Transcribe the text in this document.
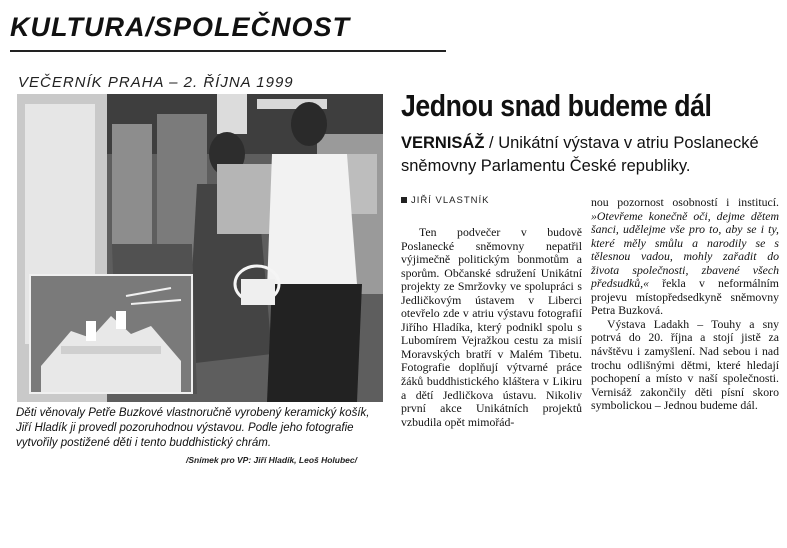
KULTURA/SPOLEČNOST
VEČERNÍK PRAHA – 2. ŘÍJNA 1999
Děti věnovaly Petře Buzkové vlastnoručně vyrobený keramický košík, Jiří Hladík ji provedl pozoruhodnou výstavou. Podle jeho fotografie vytvořily postižené děti i tento buddhistický chrám.
/Snímek pro VP: Jiří Hladík, Leoš Holubec/
Jednou snad budeme dál
VERNISÁŽ / Unikátní výstava v atriu Poslanecké sněmovny Parlamentu České republiky.
JIŘÍ VLASTNÍK
Ten podvečer v budově Poslanecké sněmovny nepatřil výjimečně politickým bonmotům a sporům. Občanské sdružení Unikátní projekty ze Smržovky ve spolupráci s Jedličkovým ústavem v Liberci otevřelo zde v atriu výstavu fotografií Jiřího Hladíka, který podnikl spolu s Lubomírem Vejražkou cestu za misií Moravských bratří v Malém Tibetu. Fotografie doplňují výtvarné práce žáků buddhistického kláštera v Likiru a dětí Jedličkova ústavu. Nikoliv první akce Unikátních projektů vzbudila opět mimořád-

nou pozornost osobností i institucí. »Otevřeme konečně oči, dejme dětem šanci, udělejme vše pro to, aby se i ty, které měly smůlu a narodily se s tělesnou vadou, mohly zařadit do života společnosti, zbavené všech předsudků,« řekla v neformálním projevu místopředsedkyně sněmovny Petra Buzková.

Výstava Ladakh – Touhy a sny potrvá do 20. října a stojí jistě za návštěvu i zamyšlení. Nad sebou i nad trochu odlišnými dětmi, které hledají pochopení a místo v naší společnosti. Vernisáž zakončily děti písní skoro symbolickou – Jednou budeme dál.
